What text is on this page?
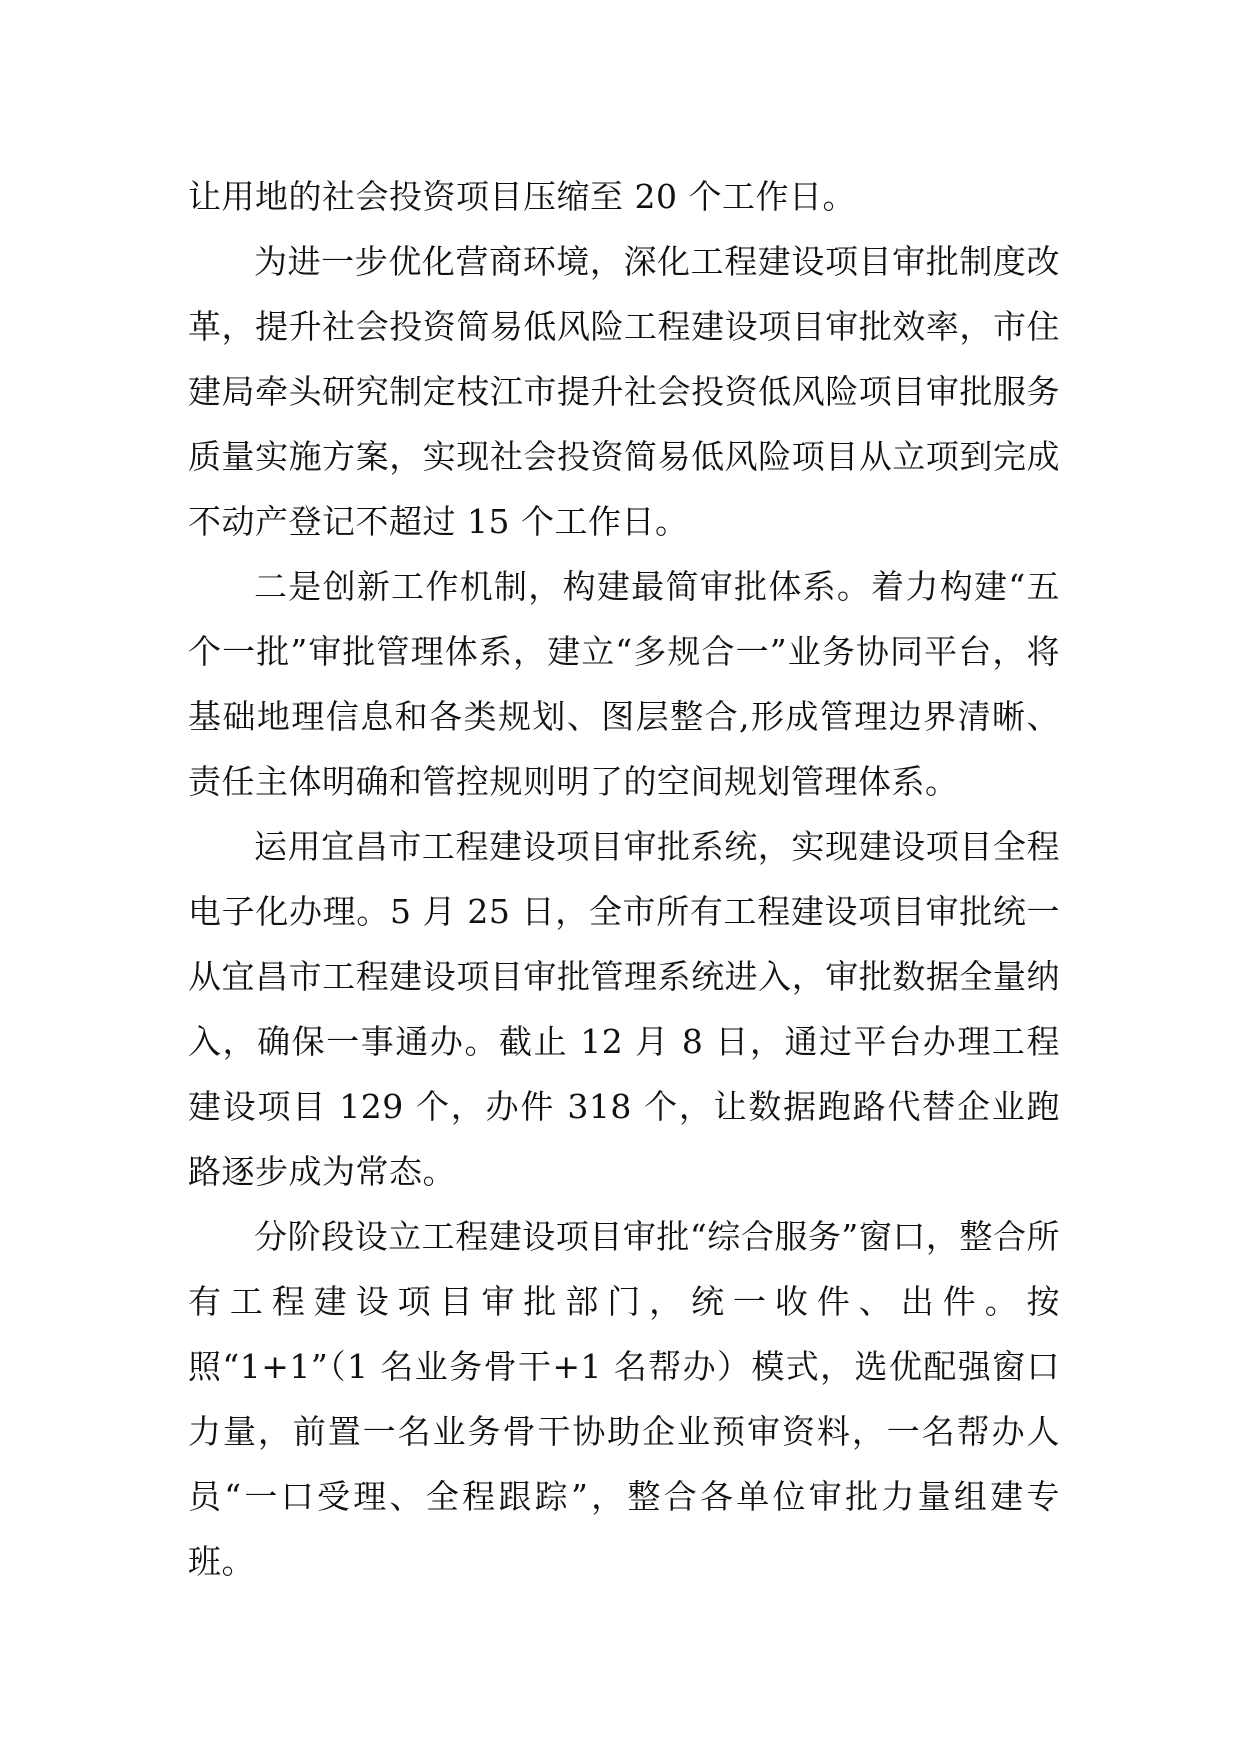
让用地的社会投资项目压缩至 20 个工作日。

为进一步优化营商环境，深化工程建设项目审批制度改革，提升社会投资简易低风险工程建设项目审批效率，市住建局牵头研究制定枝江市提升社会投资低风险项目审批服务质量实施方案，实现社会投资简易低风险项目从立项到完成不动产登记不超过 15 个工作日。

二是创新工作机制，构建最简审批体系。着力构建“五个一批”审批管理体系，建立“多规合一”业务协同平台，将基础地理信息和各类规划、图层整合,形成管理边界清晰、责任主体明确和管控规则明了的空间规划管理体系。

运用宜昌市工程建设项目审批系统，实现建设项目全程电子化办理。5 月 25 日，全市所有工程建设项目审批统一从宜昌市工程建设项目审批管理系统进入，审批数据全量纳入，确保一事通办。截止 12 月 8 日，通过平台办理工程建设项目 129 个，办件 318 个，让数据跑路代替企业跑路逐步成为常态。

分阶段设立工程建设项目审批“综合服务”窗口，整合所有工程建设项目审批部门，统一收件、出件。按照“1+1”（1 名业务骨干+1 名帮办）模式，选优配强窗口力量，前置一名业务骨干协助企业预审资料，一名帮办人员“一口受理、全程跟踪”，整合各单位审批力量组建专班。
